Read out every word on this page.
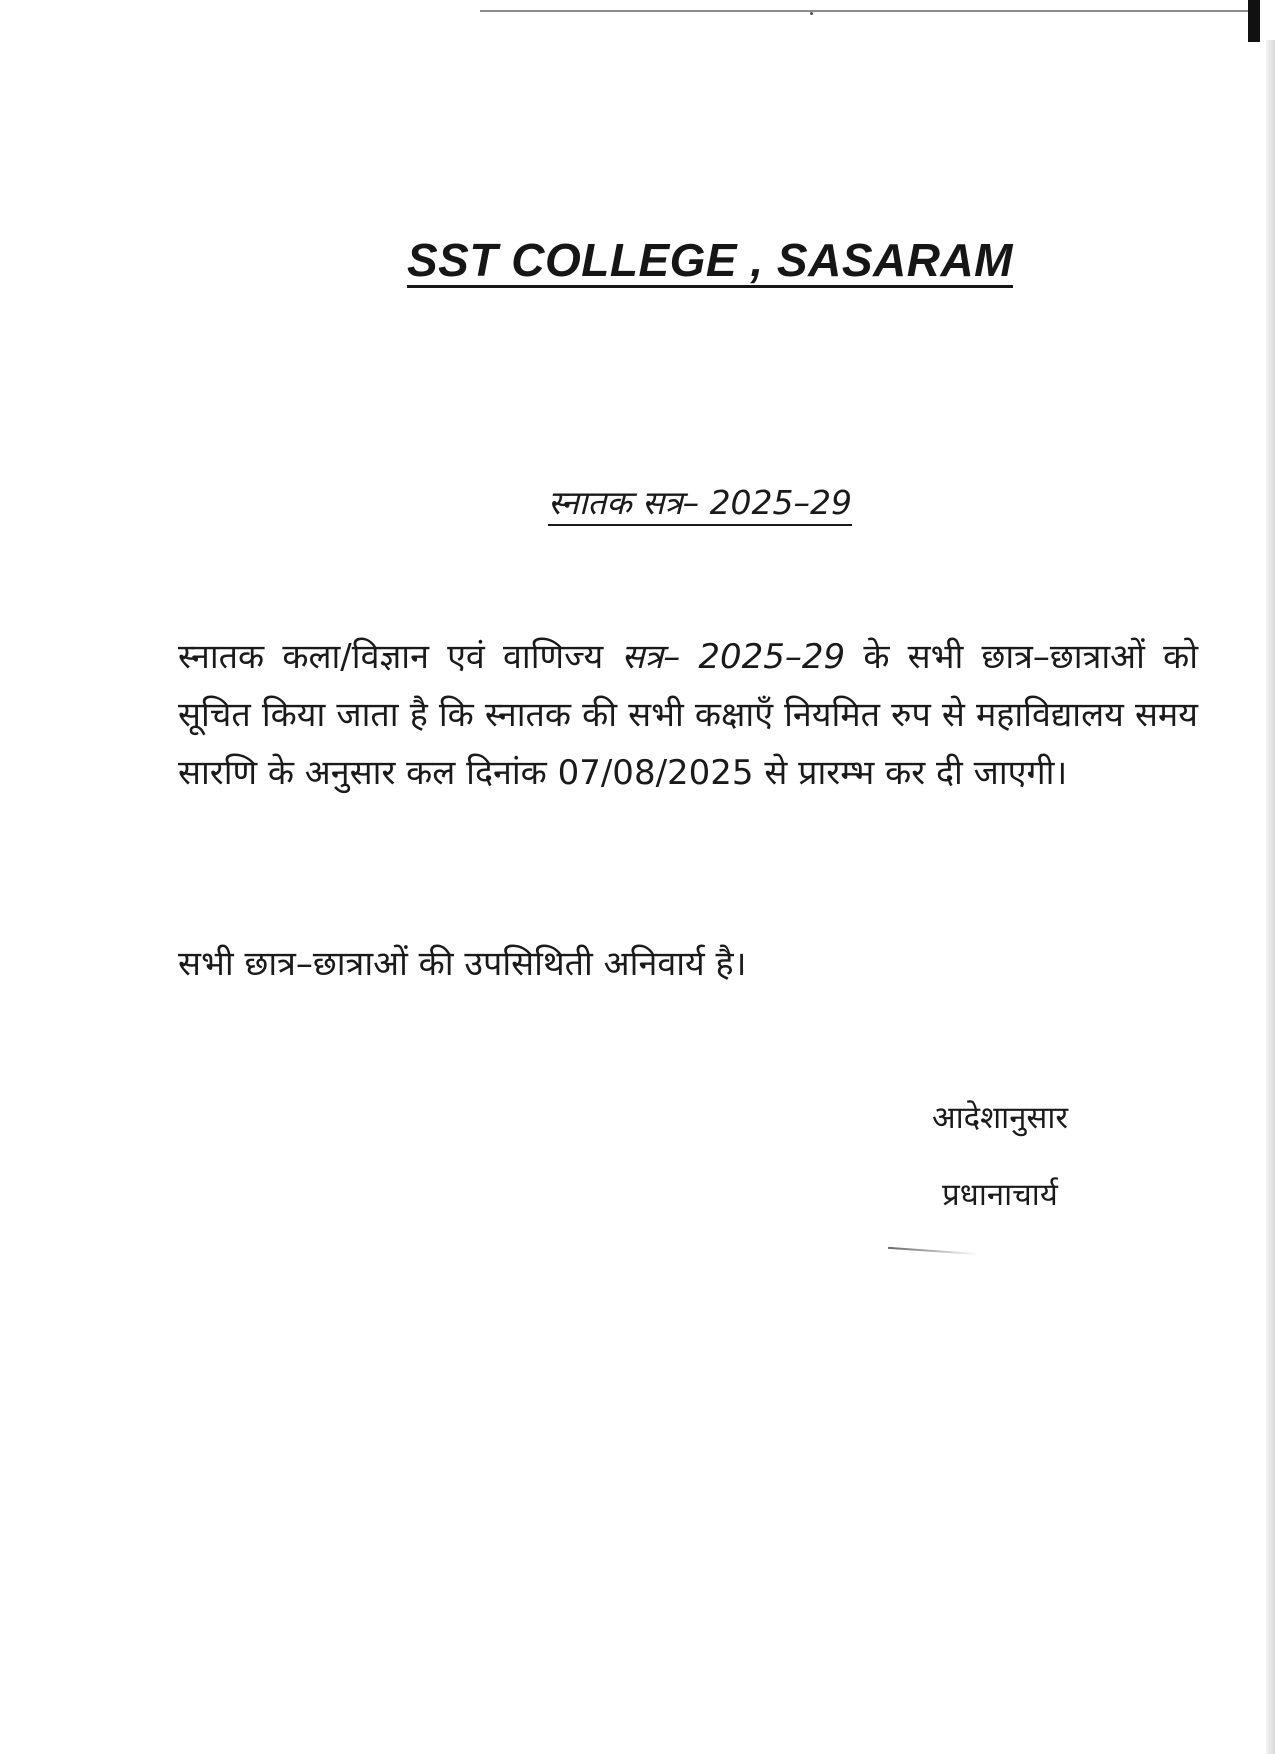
SST COLLEGE , SASARAM
स्नातक सत्र– 2025–29
स्नातक कला/विज्ञान एवं वाणिज्य सत्र– 2025–29 के सभी छात्र–छात्राओं को सूचित किया जाता है कि स्नातक की सभी कक्षाएँ नियमित रुप से महाविद्यालय समय सारणि के अनुसार कल दिनांक 07/08/2025 से प्रारम्भ कर दी जाएगी।
सभी छात्र–छात्राओं की उपसिथिती अनिवार्य है।
आदेशानुसार
प्रधानाचार्य
